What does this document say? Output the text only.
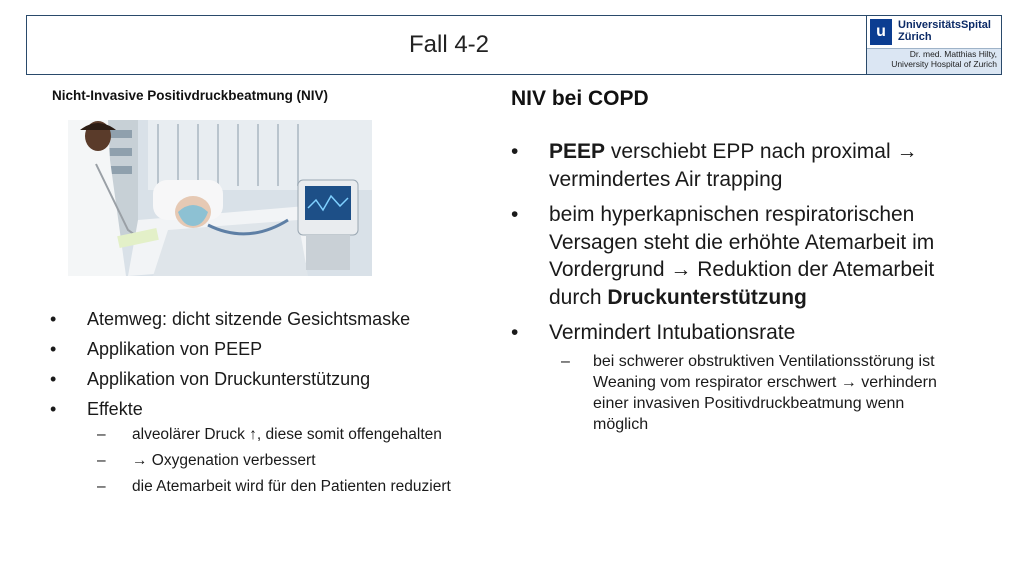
Fall 4-2	u	UniversitätsSpital
Zürich
Dr. med. Matthias Hilty,
University Hospital of Zurich
Nicht-Invasive Positivdruckbeatmung (NIV)
• Atemweg: dicht sitzende Gesichtsmaske
• Applikation von PEEP
• Applikation von Druckunterstützung
• Effekte
– alveolärer Druck ↑, diese somit offengehalten
– → Oxygenation verbessert
– die Atemarbeit wird für den Patienten reduziert
NIV bei COPD
• PEEP verschiebt EPP nach proximal → vermindertes Air trapping
• beim hyperkapnischen respiratorischen Versagen steht die erhöhte Atemarbeit im Vordergrund → Reduktion der Atemarbeit durch Druckunterstützung
• Vermindert Intubationsrate
– bei schwerer obstruktiven Ventilationsstörung ist Weaning vom respirator erschwert → verhindern einer invasiven Positivdruckbeatmung wenn möglich
